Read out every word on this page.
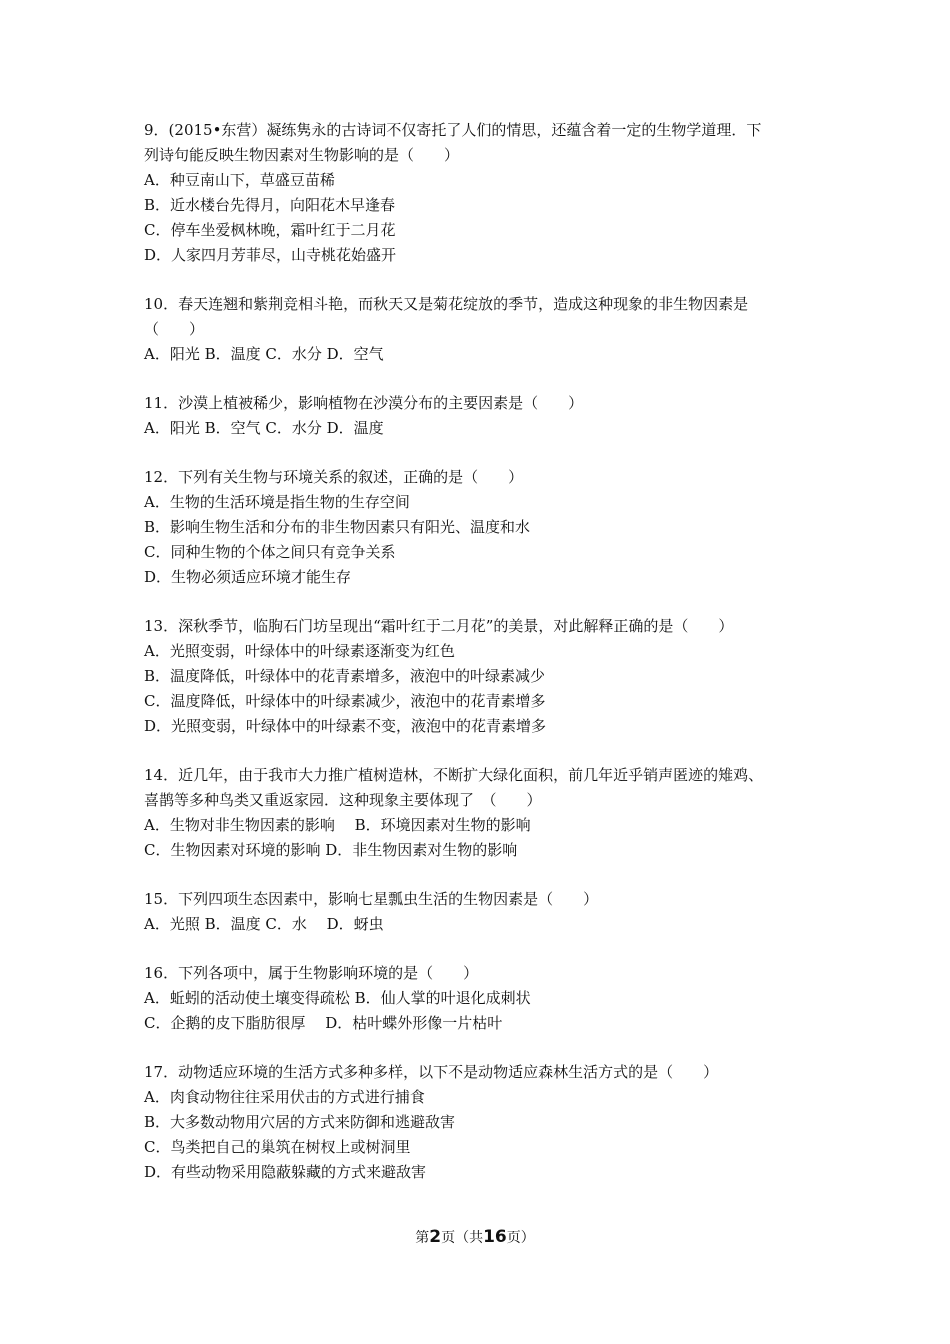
9．(2015•东营）凝练隽永的古诗词不仅寄托了人们的情思，还蕴含着一定的生物学道理．下
列诗句能反映生物因素对生物影响的是（　　）
A．种豆南山下，草盛豆苗稀
B．近水楼台先得月，向阳花木早逢春
C．停车坐爱枫林晚，霜叶红于二月花
D．人家四月芳菲尽，山寺桃花始盛开
10．春天连翘和紫荆竞相斗艳，而秋天又是菊花绽放的季节，造成这种现象的非生物因素是
（　　）
A．阳光 B．温度 C．水分 D．空气
11．沙漠上植被稀少，影响植物在沙漠分布的主要因素是（　　）
A．阳光 B．空气 C．水分 D．温度
12．下列有关生物与环境关系的叙述，正确的是（　　）
A．生物的生活环境是指生物的生存空间
B．影响生物生活和分布的非生物因素只有阳光、温度和水
C．同种生物的个体之间只有竞争关系
D．生物必须适应环境才能生存
13．深秋季节，临朐石门坊呈现出“霜叶红于二月花”的美景，对此解释正确的是（　　）
A．光照变弱，叶绿体中的叶绿素逐渐变为红色
B．温度降低，叶绿体中的花青素增多，液泡中的叶绿素减少
C．温度降低，叶绿体中的叶绿素减少，液泡中的花青素增多
D．光照变弱，叶绿体中的叶绿素不变，液泡中的花青素增多
14．近几年，由于我市大力推广植树造林，不断扩大绿化面积，前几年近乎销声匿迹的雉鸡、
喜鹊等多种鸟类又重返家园．这种现象主要体现了　（　　）
A．生物对非生物因素的影响　 B．环境因素对生物的影响
C．生物因素对环境的影响 D．非生物因素对生物的影响
15．下列四项生态因素中，影响七星瓢虫生活的生物因素是（　　）
A．光照 B．温度 C．水　 D．蚜虫
16．下列各项中，属于生物影响环境的是（　　）
A．蚯蚓的活动使土壤变得疏松 B．仙人掌的叶退化成刺状
C．企鹅的皮下脂肪很厚　 D．枯叶蝶外形像一片枯叶
17．动物适应环境的生活方式多种多样，以下不是动物适应森林生活方式的是（　　）
A．肉食动物往往采用伏击的方式进行捕食
B．大多数动物用穴居的方式来防御和逃避敌害
C．鸟类把自己的巢筑在树杈上或树洞里
D．有些动物采用隐蔽躲藏的方式来避敌害
第2页（共16页）
